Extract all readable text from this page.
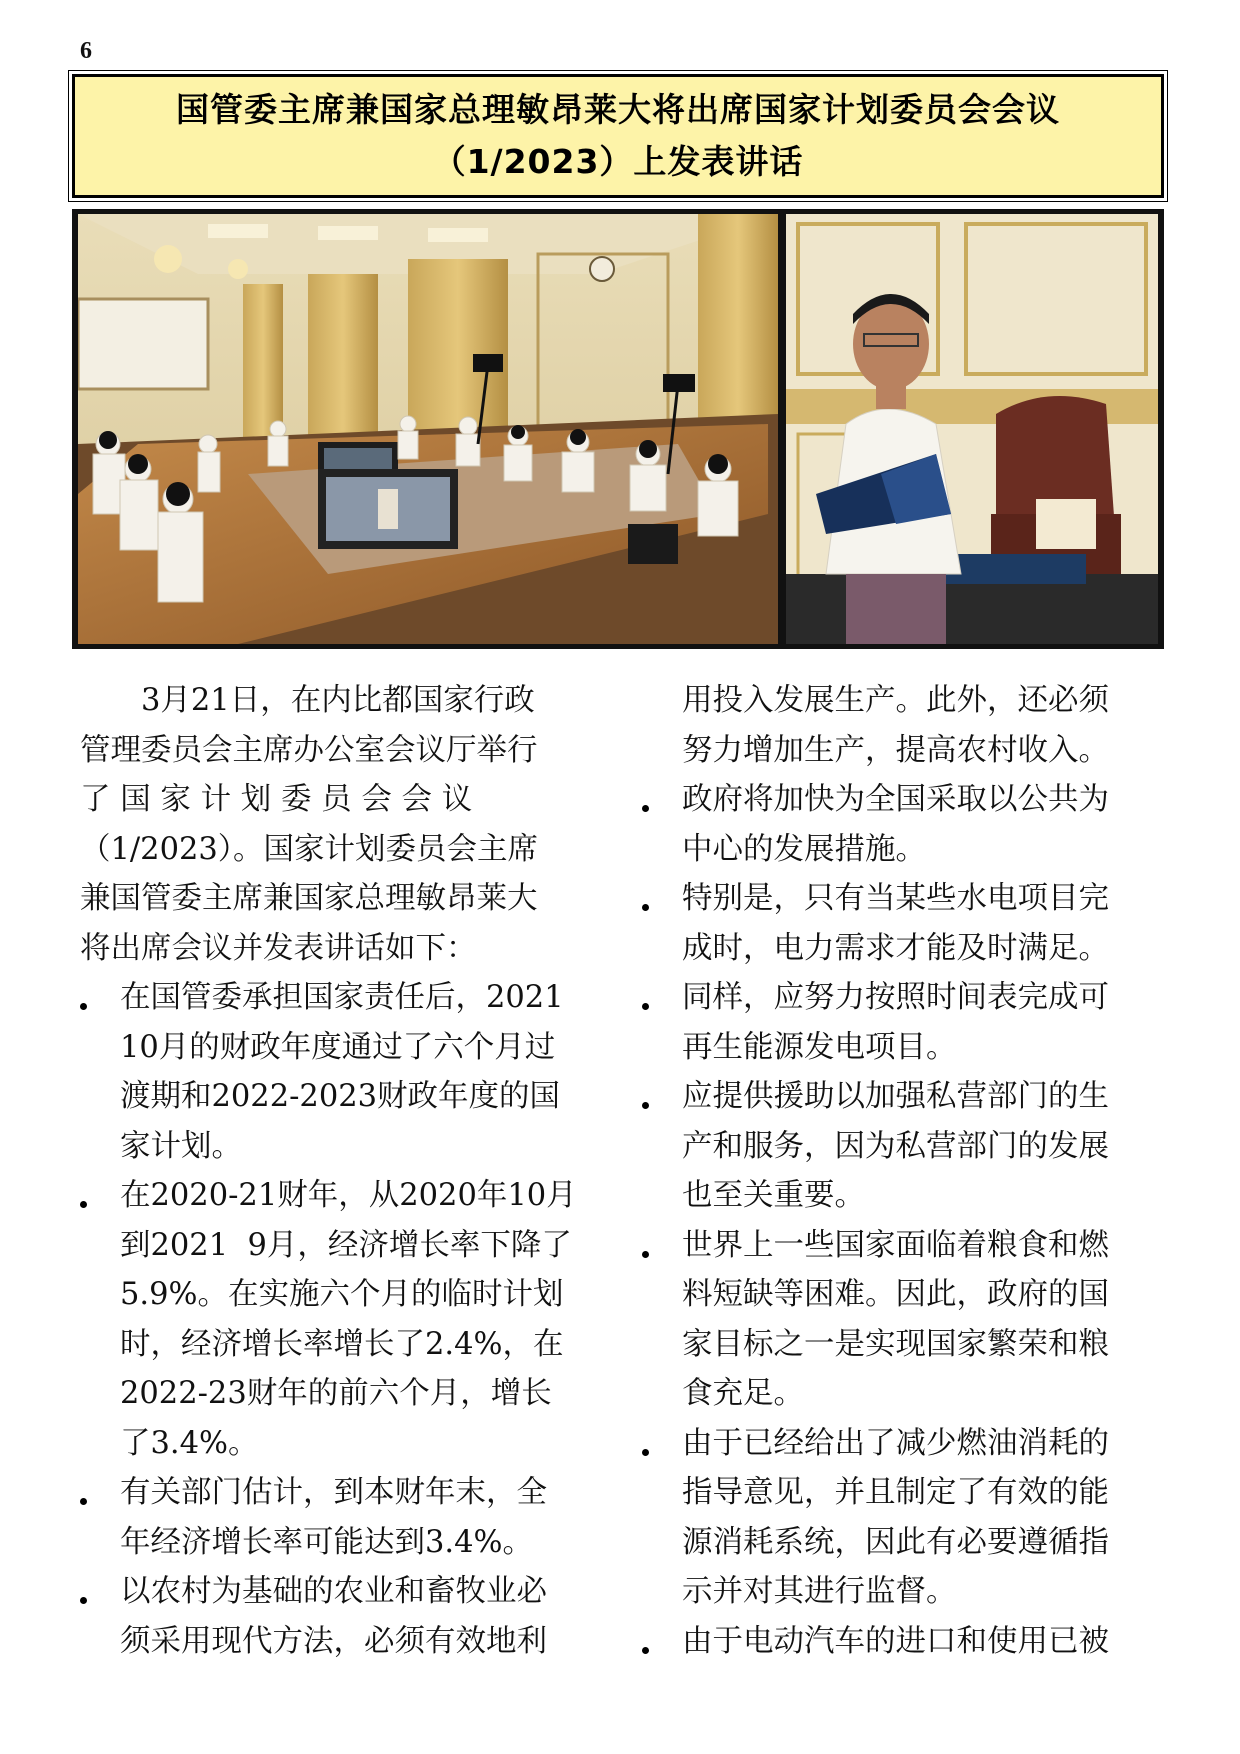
6
国管委主席兼国家总理敏昂莱大将出席国家计划委员会会议
（1/2023）上发表讲话
3月21日，在内比都国家行政
管理委员会主席办公室会议厅举行
了 国 家 计 划 委 员 会 会 议
（1/2023）。国家计划委员会主席
兼国管委主席兼国家总理敏昂莱大
将出席会议并发表讲话如下：
在国管委承担国家责任后，2021
10月的财政年度通过了六个月过
渡期和2022-2023财政年度的国
家计划。
在2020-21财年，从2020年10月
到2021  9月，经济增长率下降了
5.9%。在实施六个月的临时计划
时，经济增长率增长了2.4%，在
2022-23财年的前六个月，增长
了3.4%。
有关部门估计，到本财年末，全
年经济增长率可能达到3.4%。
以农村为基础的农业和畜牧业必
须采用现代方法，必须有效地利
用投入发展生产。此外，还必须
努力增加生产，提高农村收入。
政府将加快为全国采取以公共为
中心的发展措施。
特别是，只有当某些水电项目完
成时，电力需求才能及时满足。
同样，应努力按照时间表完成可
再生能源发电项目。
应提供援助以加强私营部门的生
产和服务，因为私营部门的发展
也至关重要。
世界上一些国家面临着粮食和燃
料短缺等困难。因此，政府的国
家目标之一是实现国家繁荣和粮
食充足。
由于已经给出了减少燃油消耗的
指导意见，并且制定了有效的能
源消耗系统，因此有必要遵循指
示并对其进行监督。
由于电动汽车的进口和使用已被
